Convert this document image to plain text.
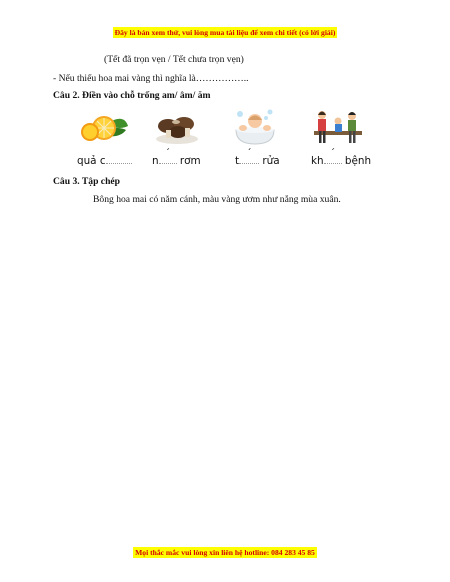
Đây là bản xem thử, vui lòng mua tài liệu để xem chi tiết (có lời giải)
(Tết đã trọn vẹn / Tết chưa trọn vẹn)
- Nếu thiếu hoa mai vàng thì nghĩa là……………..
Câu 2. Điền vào chỗ trống am/ âm/ ăm
quả c	n
´
rơm	t
´
rửa	kh
´
bệnh
Câu 3. Tập chép
Bông hoa mai có năm cánh, màu vàng ươm như nắng mùa xuân.
Mọi thắc mắc vui lòng xin liên hệ hotline: 084 283 45 85
